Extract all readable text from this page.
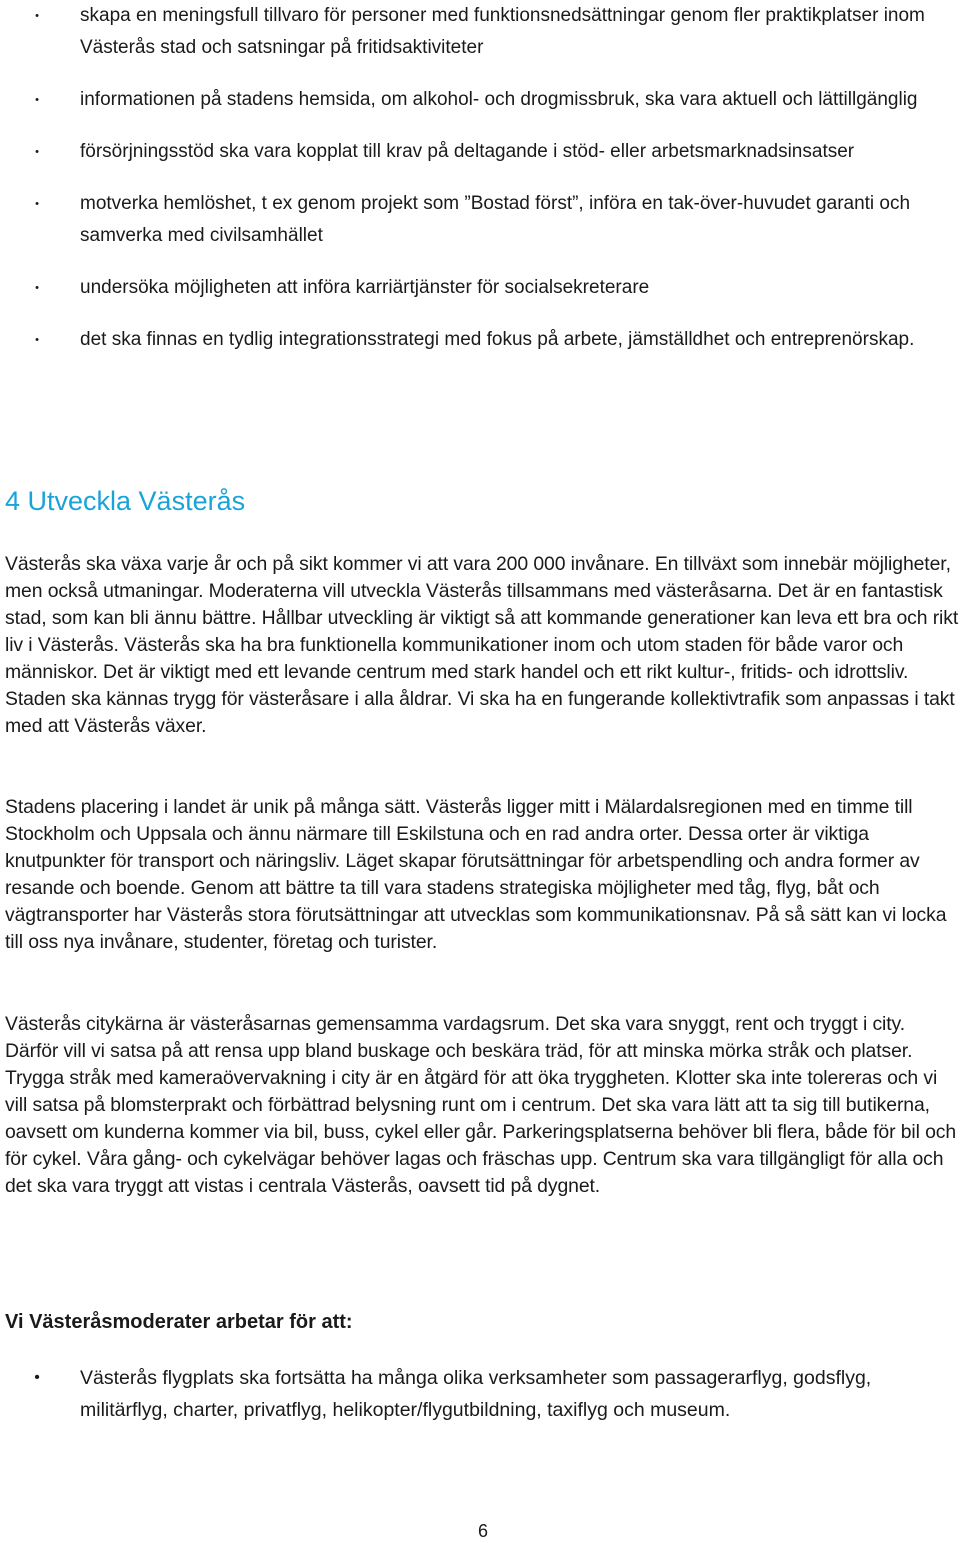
•	skapa en meningsfull tillvaro för personer med funktionsnedsättningar genom fler praktikplatser inom Västerås stad och satsningar på fritidsaktiviteter
•	informationen på stadens hemsida, om alkohol- och drogmissbruk, ska vara aktuell och lättillgänglig
•	försörjningsstöd ska vara kopplat till krav på deltagande i stöd- eller arbetsmarknadsinsatser
•	motverka hemlöshet, t ex genom projekt som ”Bostad först”, införa en tak-över-huvudet garanti och samverka med civilsamhället
•	undersöka möjligheten att införa karriärtjänster för socialsekreterare
•	det ska finnas en tydlig integrationsstrategi med fokus på arbete, jämställdhet och entreprenörskap.
4 Utveckla Västerås

Västerås ska växa varje år och på sikt kommer vi att vara 200 000 invånare. En tillväxt som innebär möjligheter, men också utmaningar. Moderaterna vill utveckla Västerås tillsammans med västeråsarna. Det är en fantastisk stad, som kan bli ännu bättre. Hållbar utveckling är viktigt så att kommande generationer kan leva ett bra och rikt liv i Västerås. Västerås ska ha bra funktionella kommunikationer inom och utom staden för både varor och människor. Det är viktigt med ett levande centrum med stark handel och ett rikt kultur-, fritids- och idrottsliv. Staden ska kännas trygg för västeråsare i alla åldrar. Vi ska ha en fungerande kollektivtrafik som anpassas i takt med att Västerås växer.

Stadens placering i landet är unik på många sätt. Västerås ligger mitt i Mälardalsregionen med en timme till Stockholm och Uppsala och ännu närmare till Eskilstuna och en rad andra orter. Dessa orter är viktiga knutpunkter för transport och näringsliv. Läget skapar förutsättningar för arbetspendling och andra former av resande och boende. Genom att bättre ta till vara stadens strategiska möjligheter med tåg, flyg, båt och vägtransporter har Västerås stora förutsättningar att utvecklas som kommunikationsnav. På så sätt kan vi locka till oss nya invånare, studenter, företag och turister.

Västerås citykärna är västeråsarnas gemensamma vardagsrum. Det ska vara snyggt, rent och tryggt i city. Därför vill vi satsa på att rensa upp bland buskage och beskära träd, för att minska mörka stråk och platser. Trygga stråk med kameraövervakning i city är en åtgärd för att öka tryggheten. Klotter ska inte tolereras och vi vill satsa på blomsterprakt och förbättrad belysning runt om i centrum. Det ska vara lätt att ta sig till butikerna, oavsett om kunderna kommer via bil, buss, cykel eller går. Parkeringsplatserna behöver bli flera, både för bil och för cykel. Våra gång- och cykelvägar behöver lagas och fräschas upp. Centrum ska vara tillgängligt för alla och det ska vara tryggt att vistas i centrala Västerås, oavsett tid på dygnet.

Vi Västeråsmoderater arbetar för att:
•	Västerås flygplats ska fortsätta ha många olika verksamheter som passagerarflyg, godsflyg, militärflyg, charter, privatflyg, helikopter/flygutbildning, taxiflyg och museum.
6
